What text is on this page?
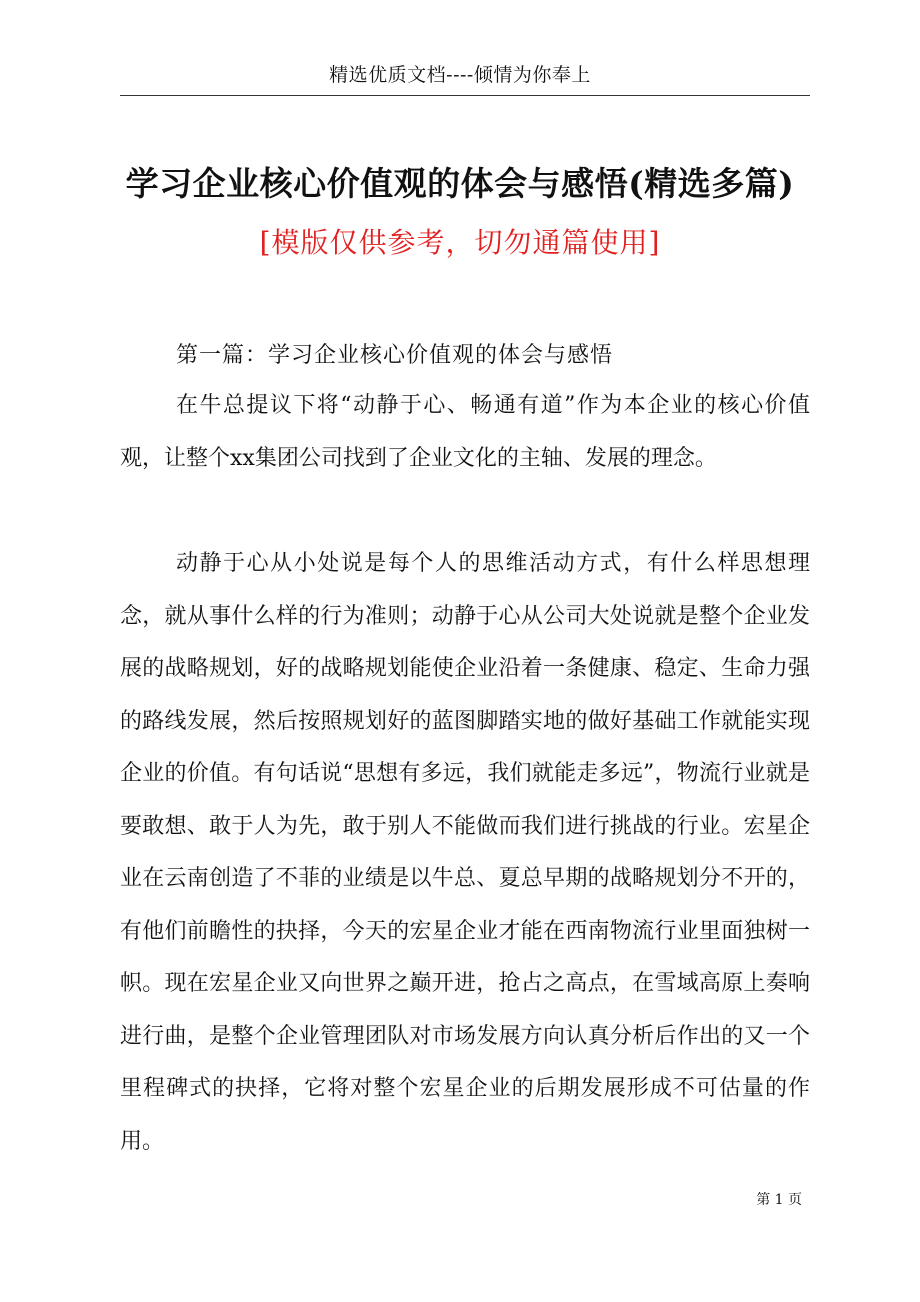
精选优质文档----倾情为你奉上
学习企业核心价值观的体会与感悟(精选多篇)
[模版仅供参考，切勿通篇使用]
第一篇：学习企业核心价值观的体会与感悟

在牛总提议下将“动静于心、畅通有道”作为本企业的核心价值观，让整个xx集团公司找到了企业文化的主轴、发展的理念。

动静于心从小处说是每个人的思维活动方式，有什么样思想理念，就从事什么样的行为准则；动静于心从公司大处说就是整个企业发展的战略规划，好的战略规划能使企业沿着一条健康、稳定、生命力强的路线发展，然后按照规划好的蓝图脚踏实地的做好基础工作就能实现企业的价值。有句话说“思想有多远，我们就能走多远”，物流行业就是要敢想、敢于人为先，敢于别人不能做而我们进行挑战的行业。宏星企业在云南创造了不菲的业绩是以牛总、夏总早期的战略规划分不开的，有他们前瞻性的抉择，今天的宏星企业才能在西南物流行业里面独树一帜。现在宏星企业又向世界之巅开进，抢占之高点，在雪域高原上奏响进行曲，是整个企业管理团队对市场发展方向认真分析后作出的又一个里程碑式的抉择，它将对整个宏星企业的后期发展形成不可估量的作用。

第 1 页
